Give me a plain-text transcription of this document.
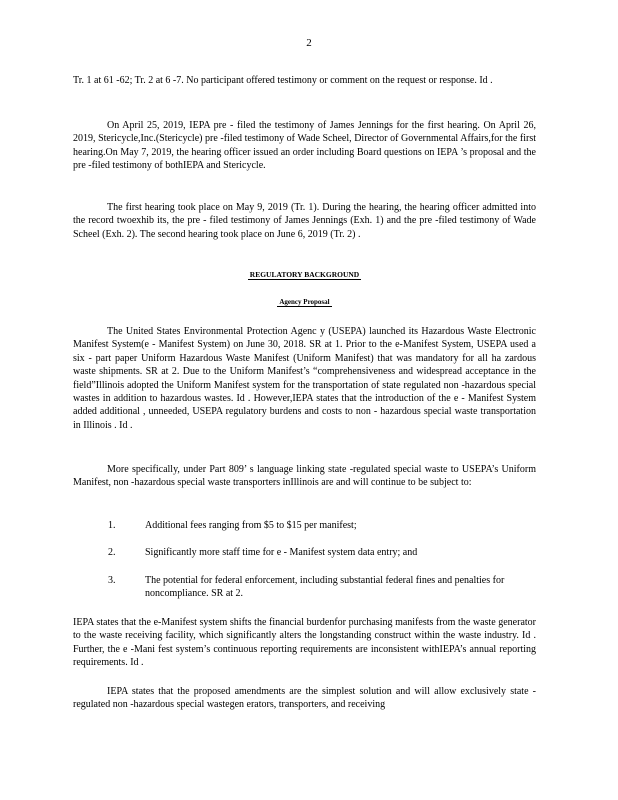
2

Tr. 1 at 61 -62; Tr. 2 at 6 -7. No participant offered testimony or comment on the request or response. Id .

On April 25, 2019, IEPA pre - filed the testimony of James Jennings for the first hearing. On April 26, 2019, Stericycle,Inc.(Stericycle) pre -filed testimony of Wade Scheel, Director of Governmental Affairs,for the first hearing.On May 7, 2019, the hearing officer issued an order including Board questions on IEPA ’s proposal and the pre -filed testimony of bothIEPA and Stericycle.

The first hearing took place on May 9, 2019 (Tr. 1). During the hearing, the hearing officer admitted into the record twoexhib its, the pre - filed testimony of James Jennings (Exh. 1) and the pre -filed testimony of Wade Scheel (Exh. 2). The second hearing took place on June 6, 2019 (Tr. 2) .

REGULATORY BACKGROUND
Agency Proposal

The United States Environmental Protection Agenc y (USEPA) launched its Hazardous Waste Electronic Manifest System(e - Manifest System) on June 30, 2018. SR at 1. Prior to the e-Manifest System, USEPA used a six - part paper Uniform Hazardous Waste Manifest (Uniform Manifest) that was mandatory for all ha zardous waste shipments. SR at 2. Due to the Uniform Manifest’s “comprehensiveness and widespread acceptance in the field”Illinois adopted the Uniform Manifest system for the transportation of state regulated non -hazardous special wastes in addition to hazardous wastes. Id . However,IEPA states that the introduction of the e - Manifest System added additional , unneeded, USEPA regulatory burdens and costs to non - hazardous special waste transportation in Illinois . Id .

More specifically, under Part 809’ s language linking state -regulated special waste to USEPA’s Uniform Manifest, non -hazardous special waste transporters inIllinois are and will continue to be subject to:

1.	Additional fees ranging from $5 to $15 per manifest;
2.	Significantly more staff time for e - Manifest system data entry; and
3.	The potential for federal enforcement, including substantial federal fines and penalties for noncompliance. SR at 2.

IEPA states that the e-Manifest system shifts the financial burdenfor purchasing manifests from the waste generator to the waste receiving facility, which significantly alters the longstanding construct within the waste industry. Id . Further, the e -Mani fest system’s continuous reporting requirements are inconsistent withIEPA’s annual reporting requirements. Id .

IEPA states that the proposed amendments are the simplest solution and will allow exclusively state -regulated non -hazardous special wastegen erators, transporters, and receiving
